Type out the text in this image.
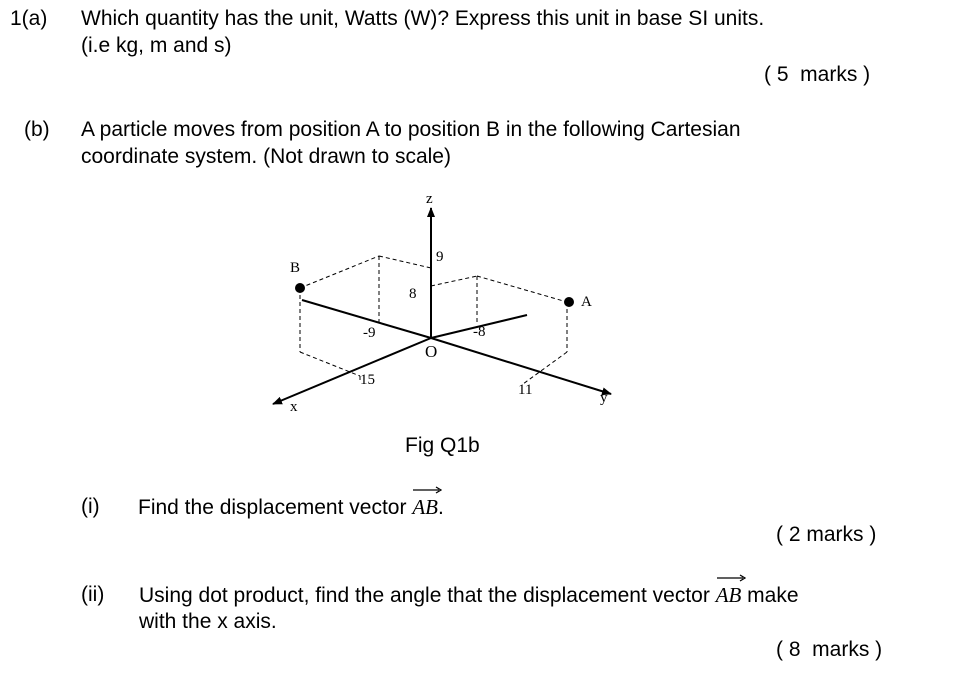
1(a) Which quantity has the unit, Watts (W)? Express this unit in base SI units.
(i.e kg, m and s)
( 5  marks )
(b) A particle moves from position A to position B in the following Cartesian
coordinate system. (Not drawn to scale)
z
x
y
O
A
B
8
9
-9	-8
15
11
Fig Q1b
(i) Find the displacement vector
AB.
( 2 marks )
(ii) Using dot product, find the angle that the displacement vector
AB make
with the x axis.
( 8  marks )
